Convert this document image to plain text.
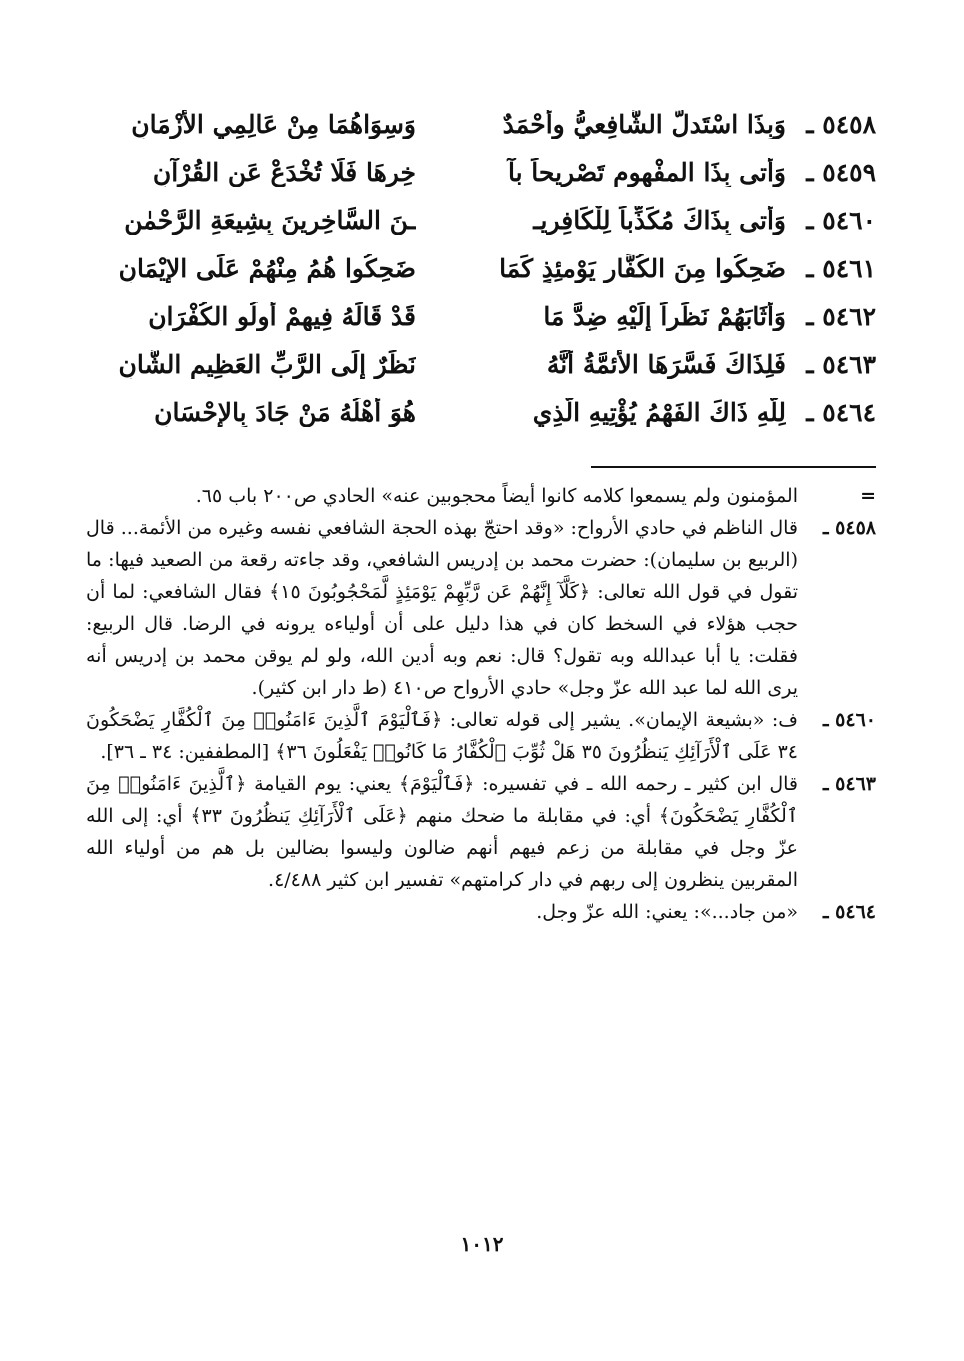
٥٤٥٨ ـ
وَبِذَا اسْتَدلَّ الشَّافِعيُّ وأحْمَدٌ
وَسِوَاهُمَا مِنْ عَالِمِي الأزْمَانِ
٥٤٥٩ ـ
وَأَتى بِذَا المفْهوم تَصْريحاً بآ
خِرهَا فَلَا تُخْدَعْ عَنِ القُرْآنِ
٥٤٦٠ ـ
وَأتى بِذَاكَ مُكَذِّباً لِلْكَافِريـ
ـنَ السَّاخِرِينَ بِشِيعَةِ الرَّحْمٰنِ
٥٤٦١ ـ
ضَحِكُوا مِنَ الكُفَّارِ يَوْمئِذٍ كَمَا
ضَحِكُوا هُمُ مِنْهُمْ عَلَى الإيْمَانِ
٥٤٦٢ ـ
وَأَثَابَهُمْ نَظَراً إِلَيْهِ ضِدَّ مَا
قَدْ قَالَهُ فِيهِمْ أُولُو الكُفْرَانِ
٥٤٦٣ ـ
فَلِذَاكَ فَسَّرَهَا الأئمَّةُ أنَّهُ
نَظَرٌ إِلَى الرَّبِّ العَظِيمِ الشَّانِ
٥٤٦٤ ـ
لِلَّهِ ذَاكَ الفَهْمُ يُؤْتِيهِ الَّذِي
هُوَ أهْلُهُ مَنْ جَادَ بِالإِحْسَانِ
=
المؤمنون ولم يسمعوا كلامه كانوا أيضاً محجوبين عنه» الحادي ص٢٠٠ باب ٦٥.
٥٤٥٨ ـ
قال الناظم في حادي الأرواح: «وقد احتجّ بهذه الحجة الشافعي نفسه وغيره من الأئمة... قال (الربيع بن سليمان): حضرت محمد بن إدريس الشافعي، وقد جاءته رقعة من الصعيد فيها: ما تقول في قول الله تعالى: ﴿كَلَّآ إِنَّهُمْ عَن رَّبِّهِمْ يَوْمَئِذٍ لَّمَحْجُوبُونَ ١٥﴾ فقال الشافعي: لما أن حجب هؤلاء في السخط كان في هذا دليل على أن أولياءه يرونه في الرضا. قال الربيع: فقلت: يا أبا عبدالله وبه تقول؟ قال: نعم وبه أدين الله، ولو لم يوقن محمد بن إدريس أنه يرى الله لما عبد الله عزّ وجل» حادي الأرواح ص٤١٠ (ط دار ابن كثير).
٥٤٦٠ ـ
ف: «بشيعة الإيمان». يشير إلى قوله تعالى: ﴿فَٱلْيَوْمَ ٱلَّذِينَ ءَامَنُوا۟ مِنَ ٱلْكُفَّارِ يَضْحَكُونَ ٣٤ عَلَى ٱلْأَرَآئِكِ يَنظُرُونَ ٣٥ هَلْ ثُوِّبَ ٱلْكُفَّارُ مَا كَانُوا۟ يَفْعَلُونَ ٣٦﴾ [المطففين: ٣٤ ـ ٣٦].
٥٤٦٣ ـ
قال ابن كثير ـ رحمه الله ـ في تفسيره: ﴿فَٱلْيَوْمَ﴾ يعني: يوم القيامة ﴿ٱلَّذِينَ ءَامَنُوا۟ مِنَ ٱلْكُفَّارِ يَضْحَكُونَ﴾ أي: في مقابلة ما ضحك منهم ﴿عَلَى ٱلْأَرَآئِكِ يَنظُرُونَ ٣٣﴾ أي: إلى الله عزّ وجل في مقابلة من زعم فيهم أنهم ضالون وليسوا بضالين بل هم من أولياء الله المقربين ينظرون إلى ربهم في دار كرامتهم» تفسير ابن كثير ٤/٤٨٨.
٥٤٦٤ ـ
«من جاد...»: يعني: الله عزّ وجل.
١٠١٢
